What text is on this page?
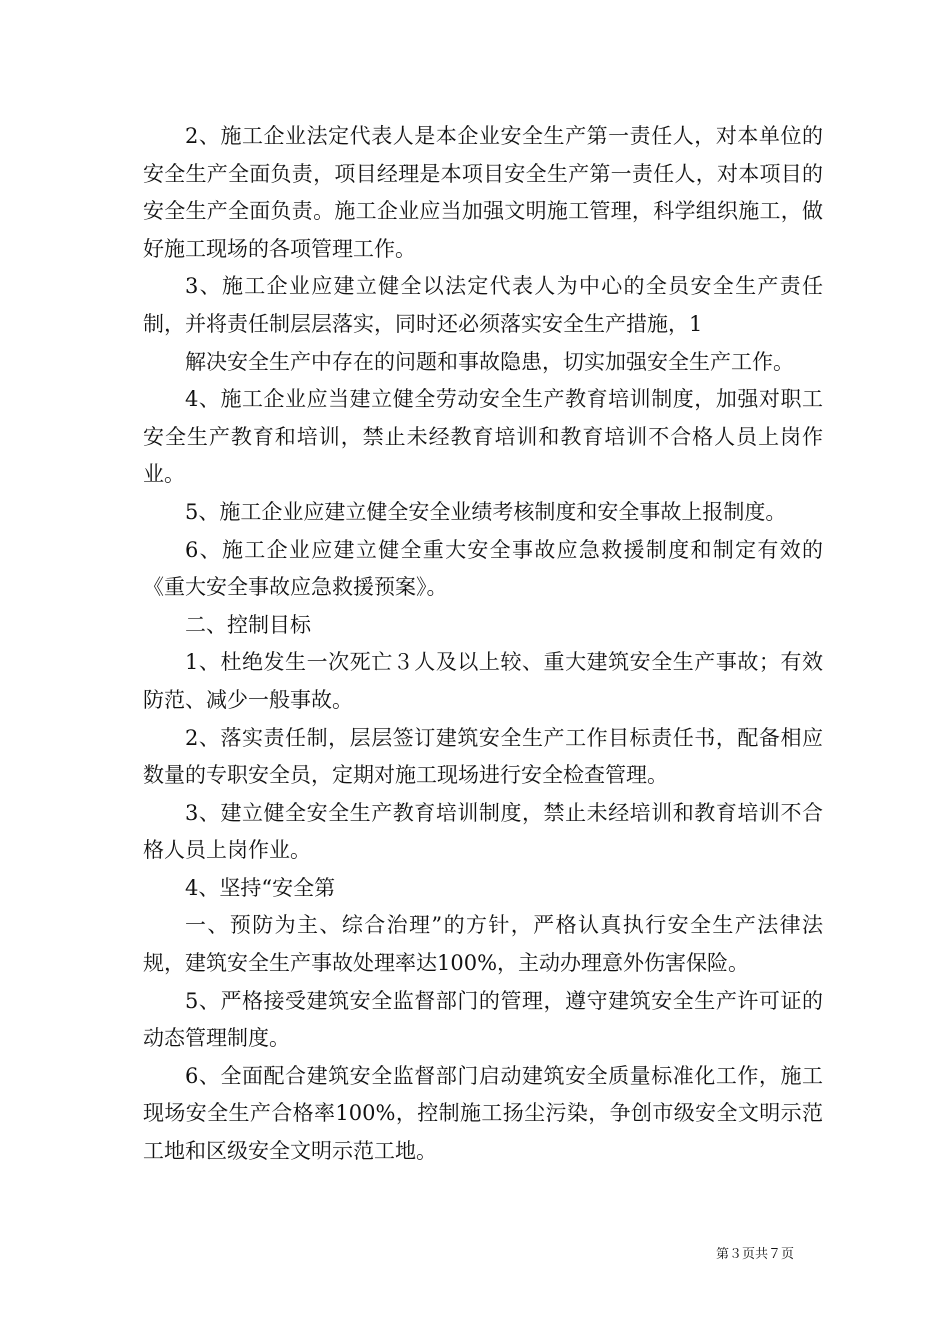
2、施工企业法定代表人是本企业安全生产第一责任人，对本单位的安全生产全面负责，项目经理是本项目安全生产第一责任人，对本项目的安全生产全面负责。施工企业应当加强文明施工管理，科学组织施工，做好施工现场的各项管理工作。

3、施工企业应建立健全以法定代表人为中心的全员安全生产责任制，并将责任制层层落实，同时还必须落实安全生产措施，1

解决安全生产中存在的问题和事故隐患，切实加强安全生产工作。

4、施工企业应当建立健全劳动安全生产教育培训制度，加强对职工安全生产教育和培训，禁止未经教育培训和教育培训不合格人员上岗作业。

5、施工企业应建立健全安全业绩考核制度和安全事故上报制度。

6、施工企业应建立健全重大安全事故应急救援制度和制定有效的《重大安全事故应急救援预案》。

二、控制目标

1、杜绝发生一次死亡３人及以上较、重大建筑安全生产事故；有效防范、减少一般事故。

2、落实责任制，层层签订建筑安全生产工作目标责任书，配备相应数量的专职安全员，定期对施工现场进行安全检查管理。

3、建立健全安全生产教育培训制度，禁止未经培训和教育培训不合格人员上岗作业。

4、坚持“安全第

一、预防为主、综合治理”的方针，严格认真执行安全生产法律法规，建筑安全生产事故处理率达100%，主动办理意外伤害保险。

5、严格接受建筑安全监督部门的管理，遵守建筑安全生产许可证的动态管理制度。

6、全面配合建筑安全监督部门启动建筑安全质量标准化工作，施工现场安全生产合格率100%，控制施工扬尘污染，争创市级安全文明示范工地和区级安全文明示范工地。

第３页共７页
